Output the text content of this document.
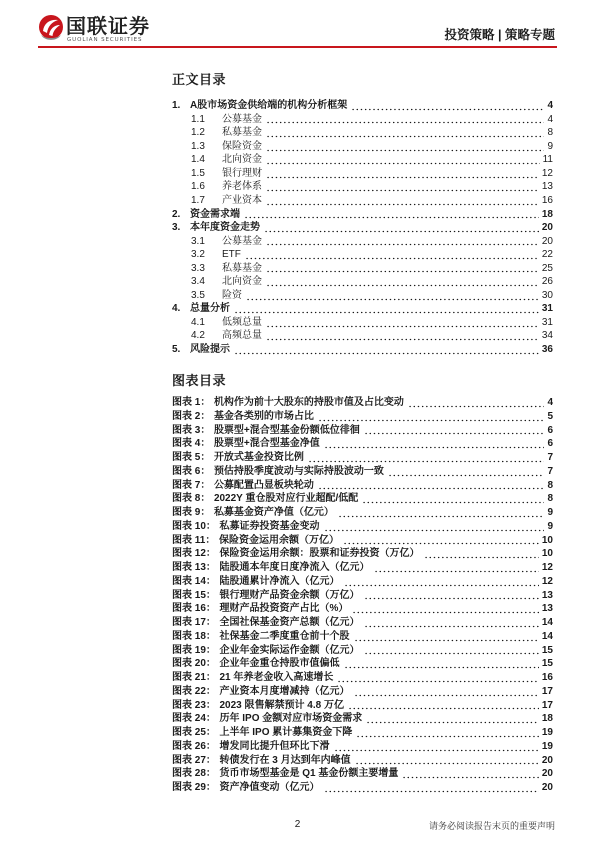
国联证券
GUOLIAN SECURITIES	投资策略 | 策略专题
正文目录
1. A股市场资金供给端的机构分析框架	4
1.1	公募基金	4
1.2	私募基金	8
1.3	保险资金	9
1.4	北向资金	11
1.5	银行理财	12
1.6	养老体系	13
1.7	产业资本	16
2. 资金需求端	18
3. 本年度资金走势	20
3.1	公募基金	20
3.2	ETF	22
3.3	私募基金	25
3.4	北向资金	26
3.5	险资	30
4. 总量分析	31
4.1	低频总量	31
4.2	高频总量	34
5. 风险提示	36
图表目录
图表 1： 机构作为前十大股东的持股市值及占比变动	4
图表 2： 基金各类别的市场占比	5
图表 3： 股票型+混合型基金份额低位徘徊	6
图表 4： 股票型+混合型基金净值	6
图表 5： 开放式基金投资比例	7
图表 6： 预估持股季度波动与实际持股波动一致	7
图表 7： 公募配置凸显板块轮动	8
图表 8： 2022Y 重仓股对应行业超配/低配	8
图表 9： 私募基金资产净值（亿元）	9
图表 10： 私募证券投资基金变动	9
图表 11： 保险资金运用余额（万亿）	10
图表 12： 保险资金运用余额：股票和证券投资（万亿）	10
图表 13： 陆股通本年度日度净流入（亿元）	12
图表 14： 陆股通累计净流入（亿元）	12
图表 15： 银行理财产品资金余额（万亿）	13
图表 16： 理财产品投资资产占比（%）	13
图表 17： 全国社保基金资产总额（亿元）	14
图表 18： 社保基金二季度重仓前十个股	14
图表 19： 企业年金实际运作金额（亿元）	15
图表 20： 企业年金重仓持股市值偏低	15
图表 21： 21 年养老金收入高速增长	16
图表 22： 产业资本月度增减持（亿元）	17
图表 23： 2023 限售解禁预计 4.8 万亿	17
图表 24： 历年 IPO 金额对应市场资金需求	18
图表 25： 上半年 IPO 累计募集资金下降	19
图表 26： 增发同比提升但环比下滑	19
图表 27： 转债发行在 3 月达到年内峰值	20
图表 28： 货币市场型基金是 Q1 基金份额主要增量	20
图表 29： 资产净值变动（亿元）	20
2	请务必阅读报告末页的重要声明
